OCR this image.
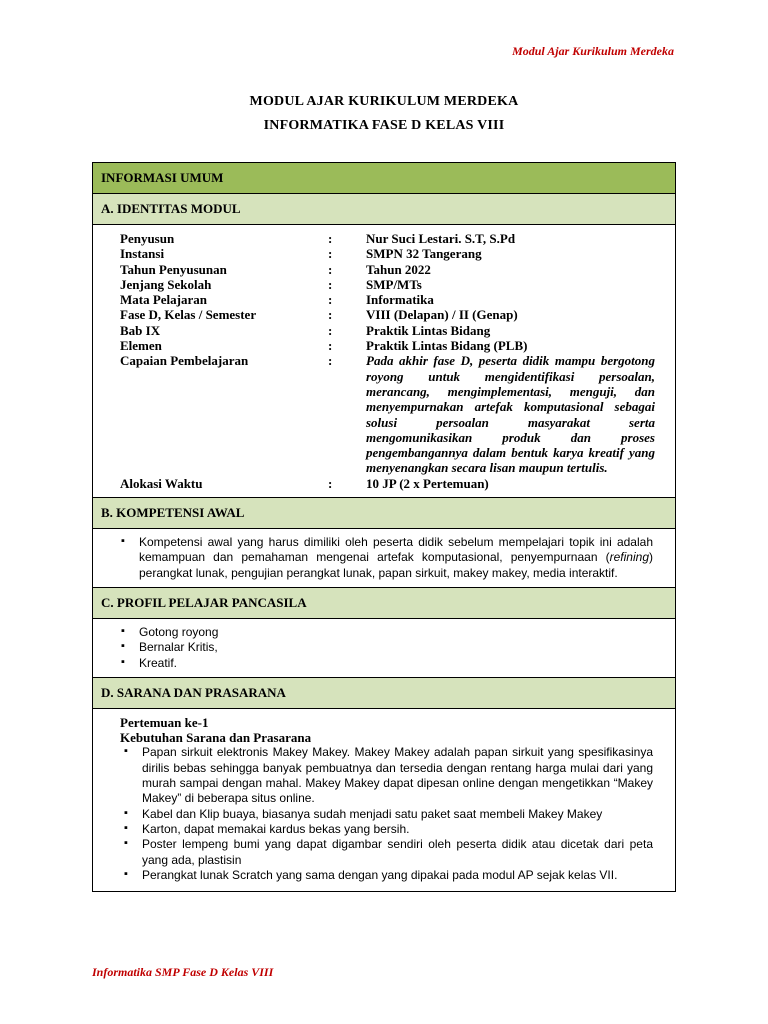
Modul Ajar Kurikulum Merdeka
MODUL AJAR KURIKULUM MERDEKA
INFORMATIKA FASE D KELAS VIII
INFORMASI UMUM
A. IDENTITAS MODUL
Penyusun	:	Nur Suci Lestari. S.T, S.Pd
Instansi	:	SMPN 32 Tangerang
Tahun Penyusunan	:	Tahun 2022
Jenjang Sekolah	:	SMP/MTs
Mata Pelajaran	:	Informatika
Fase D, Kelas / Semester	:	VIII (Delapan) / II (Genap)
Bab IX	:	Praktik Lintas Bidang
Elemen	:	Praktik Lintas Bidang (PLB)
Capaian Pembelajaran	:	Pada akhir fase D, peserta didik mampu bergotong royong untuk mengidentifikasi persoalan, merancang, mengimplementasi, menguji, dan menyempurnakan artefak komputasional sebagai solusi persoalan masyarakat serta mengomunikasikan produk dan proses pengembangannya dalam bentuk karya kreatif yang menyenangkan secara lisan maupun tertulis.
Alokasi Waktu	:	10 JP (2 x Pertemuan)
B. KOMPETENSI AWAL
▪ Kompetensi awal yang harus dimiliki oleh peserta didik sebelum mempelajari topik ini adalah kemampuan dan pemahaman mengenai artefak komputasional, penyempurnaan (refining) perangkat lunak, pengujian perangkat lunak, papan sirkuit, makey makey, media interaktif.
C. PROFIL PELAJAR PANCASILA
▪ Gotong royong
▪ Bernalar Kritis,
▪ Kreatif.
D. SARANA DAN PRASARANA
Pertemuan ke-1
Kebutuhan Sarana dan Prasarana
▪ Papan sirkuit elektronis Makey Makey. Makey Makey adalah papan sirkuit yang spesifikasinya dirilis bebas sehingga banyak pembuatnya dan tersedia dengan rentang harga mulai dari yang murah sampai dengan mahal. Makey Makey dapat dipesan online dengan mengetikkan “Makey Makey” di beberapa situs online.
▪ Kabel dan Klip buaya, biasanya sudah menjadi satu paket saat membeli Makey Makey
▪ Karton, dapat memakai kardus bekas yang bersih.
▪ Poster lempeng bumi yang dapat digambar sendiri oleh peserta didik atau dicetak dari peta yang ada, plastisin
▪ Perangkat lunak Scratch yang sama dengan yang dipakai pada modul AP sejak kelas VII.
Informatika SMP Fase D Kelas VIII
